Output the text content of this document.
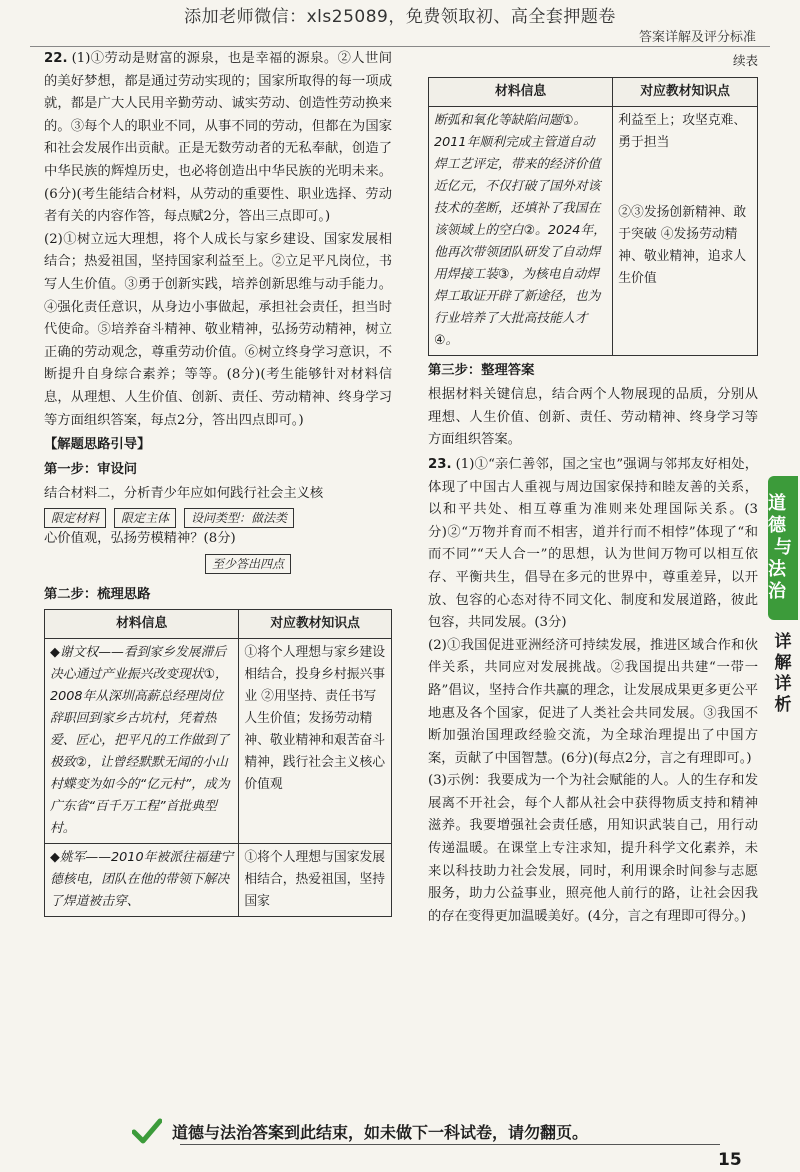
添加老师微信：xls25089，免费领取初、高全套押题卷
答案详解及评分标准

22. (1)①劳动是财富的源泉，也是幸福的源泉。②人世间的美好梦想，都是通过劳动实现的；国家所取得的每一项成就，都是广大人民用辛勤劳动、诚实劳动、创造性劳动换来的。③每个人的职业不同，从事不同的劳动，但都在为国家和社会发展作出贡献。正是无数劳动者的无私奉献，创造了中华民族的辉煌历史，也必将创造出中华民族的光明未来。(6分)(考生能结合材料，从劳动的重要性、职业选择、劳动者有关的内容作答，每点赋2分，答出三点即可。)

(2)①树立远大理想，将个人成长与家乡建设、国家发展相结合；热爱祖国，坚持国家利益至上。②立足平凡岗位，书写人生价值。③勇于创新实践，培养创新思维与动手能力。④强化责任意识，从身边小事做起，承担社会责任，担当时代使命。⑤培养奋斗精神、敬业精神，弘扬劳动精神，树立正确的劳动观念，尊重劳动价值。⑥树立终身学习意识，不断提升自身综合素养；等等。(8分)(考生能够针对材料信息，从理想、人生价值、创新、责任、劳动精神、终身学习等方面组织答案，每点2分，答出四点即可。)

【解题思路引导】

第一步：审设问

结合材料二，分析青少年应如何践行社会主义核

限定材料	限定主体	设问类型：做法类

心价值观，弘扬劳模精神？(8分)

至少答出四点

第二步：梳理思路

材料信息	对应教材知识点
◆谢文权——看到家乡发展滞后决心通过产业振兴改变现状①，2008年从深圳高薪总经理岗位辞职回到家乡古坑村，凭着热爱、匠心，把平凡的工作做到了极致②，让曾经默默无闻的小山村蝶变为如今的“亿元村”，成为广东省“百千万工程”首批典型村。	①将个人理想与家乡建设相结合，投身乡村振兴事业 ②用坚持、责任书写人生价值；发扬劳动精神、敬业精神和艰苦奋斗精神，践行社会主义核心价值观
◆姚军——2010年被派往福建宁德核电，团队在他的带领下解决了焊道被击穿、	①将个人理想与国家发展相结合，热爱祖国，坚持国家
续表
材料信息	对应教材知识点
断弧和氧化等缺陷问题①。2011年顺利完成主管道自动焊工艺评定，带来的经济价值近亿元，不仅打破了国外对该技术的垄断，还填补了我国在该领域上的空白②。2024年，他再次带领团队研发了自动焊用焊接工装③，为核电自动焊焊工取证开辟了新途径，也为行业培养了大批高技能人才④。	利益至上；攻坚克难、勇于担当
②③发扬创新精神、敢于突破 ④发扬劳动精神、敬业精神，追求人生价值

第三步：整理答案

根据材料关键信息，结合两个人物展现的品质，分别从理想、人生价值、创新、责任、劳动精神、终身学习等方面组织答案。

23. (1)①“亲仁善邻，国之宝也”强调与邻邦友好相处，体现了中国古人重视与周边国家保持和睦友善的关系，以和平共处、相互尊重为准则来处理国际关系。(3分)②“万物并育而不相害，道并行而不相悖”体现了“和而不同”“天人合一”的思想，认为世间万物可以相互依存、平衡共生，倡导在多元的世界中，尊重差异，以开放、包容的心态对待不同文化、制度和发展道路，彼此包容，共同发展。(3分)

(2)①我国促进亚洲经济可持续发展，推进区域合作和伙伴关系，共同应对发展挑战。②我国提出共建“一带一路”倡议，坚持合作共赢的理念，让发展成果更多更公平地惠及各个国家，促进了人类社会共同发展。③我国不断加强治国理政经验交流，为全球治理提出了中国方案，贡献了中国智慧。(6分)(每点2分，言之有理即可。)

(3)示例：我要成为一个为社会赋能的人。人的生存和发展离不开社会，每个人都从社会中获得物质支持和精神滋养。我要增强社会责任感，用知识武装自己，用行动传递温暖。在课堂上专注求知，提升科学文化素养，未来以科技助力社会发展，同时，利用课余时间参与志愿服务，助力公益事业，照亮他人前行的路，让社会因我的存在变得更加温暖美好。(4分，言之有理即可得分。)

道德
与
法治
详
解
详
析
道德与法治答案到此结束，如未做下一科试卷，请勿翻页。
15
